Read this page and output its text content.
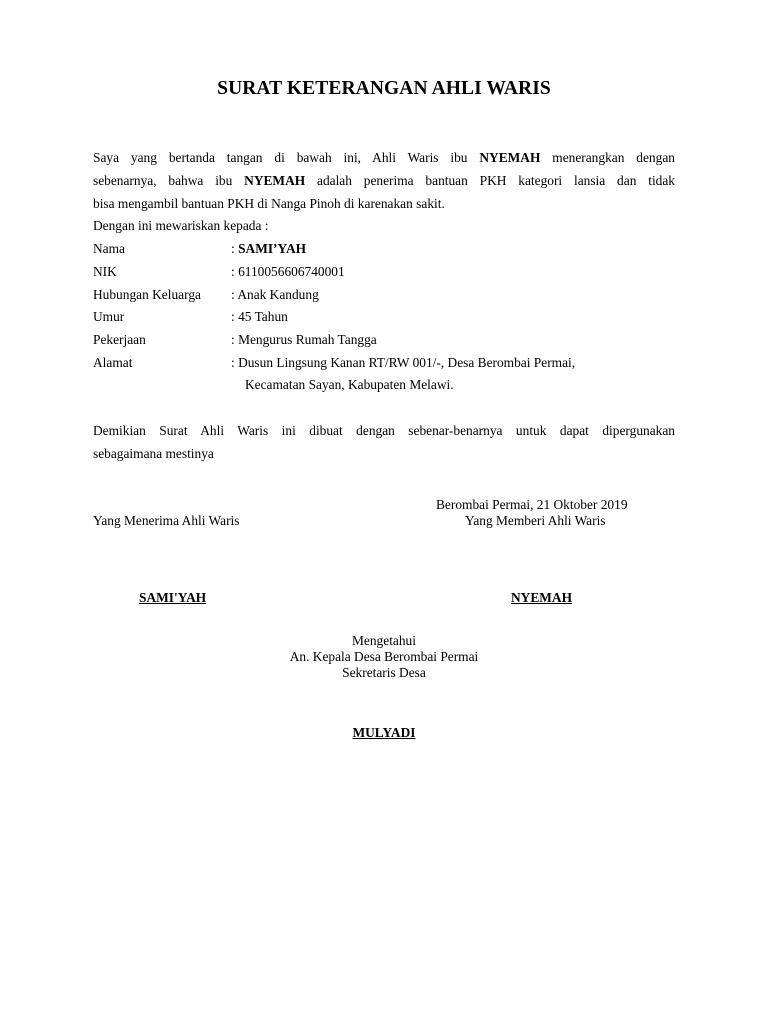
SURAT KETERANGAN AHLI WARIS
Saya yang bertanda tangan di bawah ini, Ahli Waris ibu NYEMAH menerangkan dengan
sebenarnya, bahwa ibu NYEMAH adalah penerima bantuan PKH kategori lansia dan tidak
bisa mengambil bantuan PKH di Nanga Pinoh di karenakan sakit.
Dengan ini mewariskan kepada :
Nama	: SAMI’YAH
NIK	: 6110056606740001
Hubungan Keluarga : Anak Kandung
Umur	: 45 Tahun
Pekerjaan	: Mengurus Rumah Tangga
Alamat	: Dusun Lingsung Kanan RT/RW 001/-, Desa Berombai Permai,
Kecamatan Sayan, Kabupaten Melawi.
Demikian Surat Ahli Waris ini dibuat dengan sebenar-benarnya untuk dapat dipergunakan
sebagaimana mestinya
Berombai Permai, 21 Oktober 2019
Yang Menerima Ahli Waris	Yang Memberi Ahli Waris
SAMI'YAH	NYEMAH
Mengetahui
An. Kepala Desa Berombai Permai
Sekretaris Desa
MULYADI
